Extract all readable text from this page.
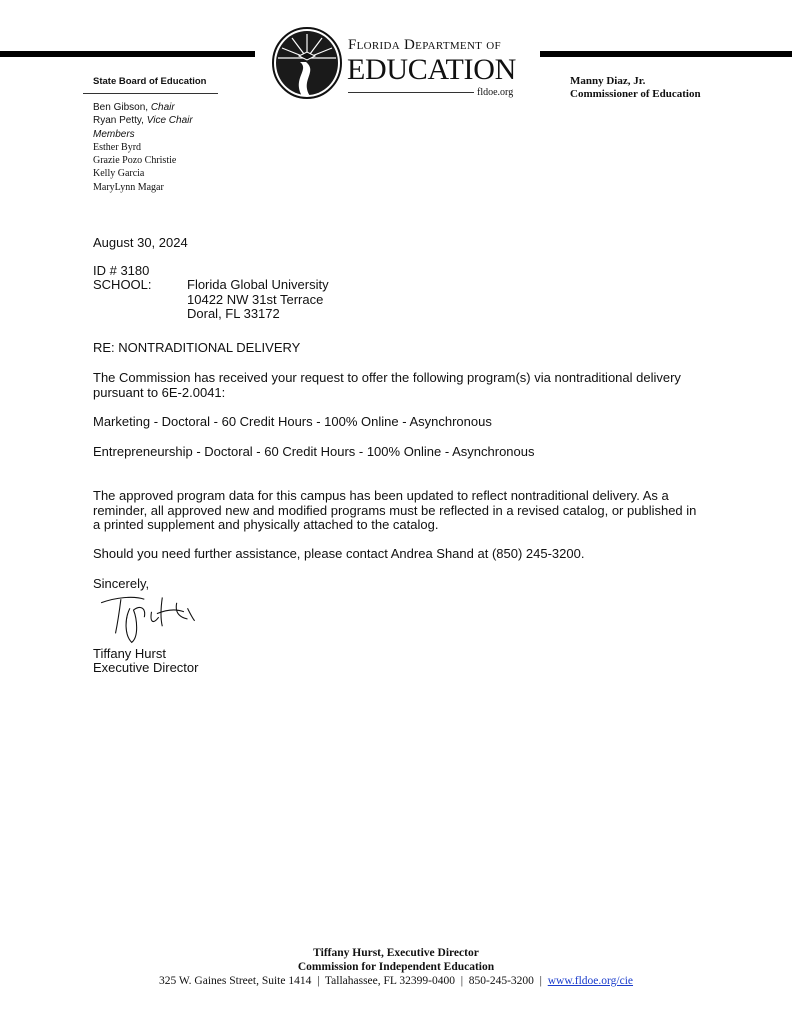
Florida Department of
EDUCATION
fldoe.org
State Board of Education
Ben Gibson, Chair
Ryan Petty, Vice Chair
Members
Esther Byrd
Grazie Pozo Christie
Kelly Garcia
MaryLynn Magar
Manny Diaz, Jr.
Commissioner of Education
August 30, 2024
ID # 3180
SCHOOL:	Florida Global University
10422 NW 31st Terrace
Doral, FL 33172
RE: NONTRADITIONAL DELIVERY
The Commission has received your request to offer the following program(s) via nontraditional delivery
pursuant to 6E-2.0041:
Marketing - Doctoral - 60 Credit Hours - 100% Online - Asynchronous
Entrepreneurship - Doctoral - 60 Credit Hours - 100% Online - Asynchronous
The approved program data for this campus has been updated to reflect nontraditional delivery. As a
reminder, all approved new and modified programs must be reflected in a revised catalog, or published in
a printed supplement and physically attached to the catalog.
Should you need further assistance, please contact Andrea Shand at (850) 245-3200.
Sincerely,
Tiffany Hurst
Executive Director
Tiffany Hurst, Executive Director
Commission for Independent Education
325 W. Gaines Street, Suite 1414  |  Tallahassee, FL 32399-0400  |  850-245-3200  |  www.fldoe.org/cie
